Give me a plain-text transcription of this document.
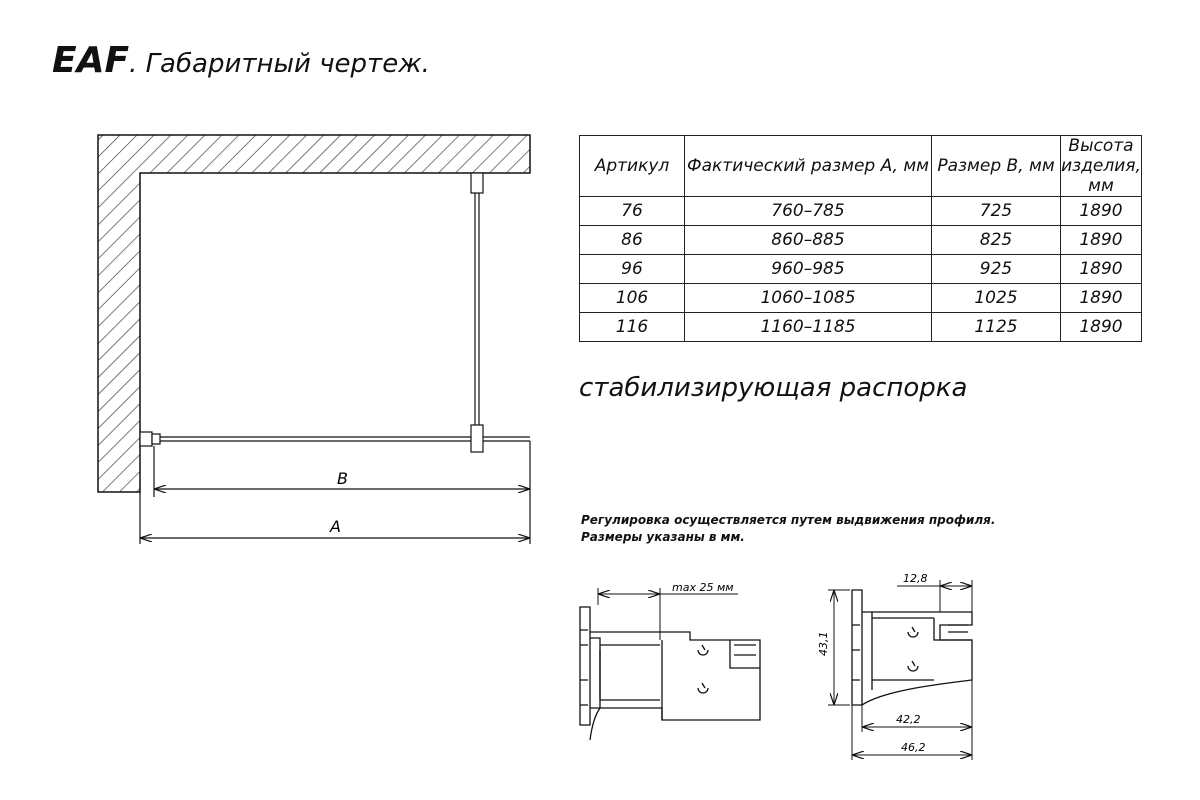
EAF. Габаритный чертеж.
B
A
max 25 мм
12,8
43,1
42,2
46,2
Артикул	Фактический размер A, мм	Размер B, мм	Высота изделия, мм
76	760–785	725	1890
86	860–885	825	1890
96	960–985	925	1890
106	1060–1085	1025	1890
116	1160–1185	1125	1890
стабилизирующая распорка
Регулировка осуществляется путем выдвижения профиля.
Размеры указаны в мм.
